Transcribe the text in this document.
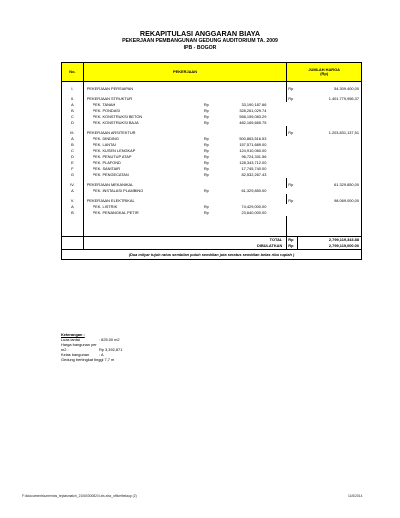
REKAPITULASI ANGGARAN BIAYA
PEKERJAAN PEMBANGUNAN GEDUNG AUDITORIUM TA. 2009
IPB - BOGOR
No.	PEKERJAAN					JUMLAH HARGA
(Rp)	

I.	PEKERJAAN PERSIAPAN					Rp	54.309.400,00

II.	PEKERJAAN STRUKTUR					Rp	1.401.779,956,37
A		PEK. TANAH	Rp	33,190,187.66			
B		PEK. PONDASI	Rp	328,261,029.74			
C		PEK. KONSTRUKSI BETON	Rp	558,159,083.29			
D		PEK. KONSTRUKSI BAJA	Rp	482,169,665.75			

III.	PEKERJAAN ARSITEKTUR					Rp	1.203.831,137,51
A		PEK. DINDING	Rp	500,863,516.53			
B		PEK. LANTAI	Rp	157,571,689.00			
C		PEK. KUSEN LENGKAP	Rp	124,910,060.00			
D		PEK. PENUTUP ATAP	Rp	96,724,331.56			
E		PEK. PLAFOND	Rp	128,343,712.00			
F		PEK. SANITAIR	Rp	17,745,740.00			
G		PEK. PENGECATAN	Rp	82,532,267.43			

IV.	PEKERJAAN MEKANIKAL					Rp	61.329.850,00
A		PEK. INSTALASI PLAMBING	Rp	61,329,850.00			

V.	PEKERJAAN ELEKTRIKAL					Rp	98.069.000,00
A		PEK. LISTRIK	Rp	74,429,000.00			
B		PEK. PENANGKAL PETIR	Rp	23,640,000.00			

	TOTAL					Rp	2,799,119,343.88
	DIBULATKAN					Rp	2,799,119,000.00
(Dua milyar tujuh ratus sembilan puluh sembilan juta seratus sembilan belas ribu rupiah )							
Keterangan :
Luas lantai	: 825.00 m2
Harga bangunan per m2 :	Rp 3,392,871
Kelas bangunan	: A
Gedung bertingkat tinggi 7,7 m
F:\kdocuments\umentos_teplasmatch_2106030082\4.xls.xlsx_officethelaup (2)	11/6/2014
